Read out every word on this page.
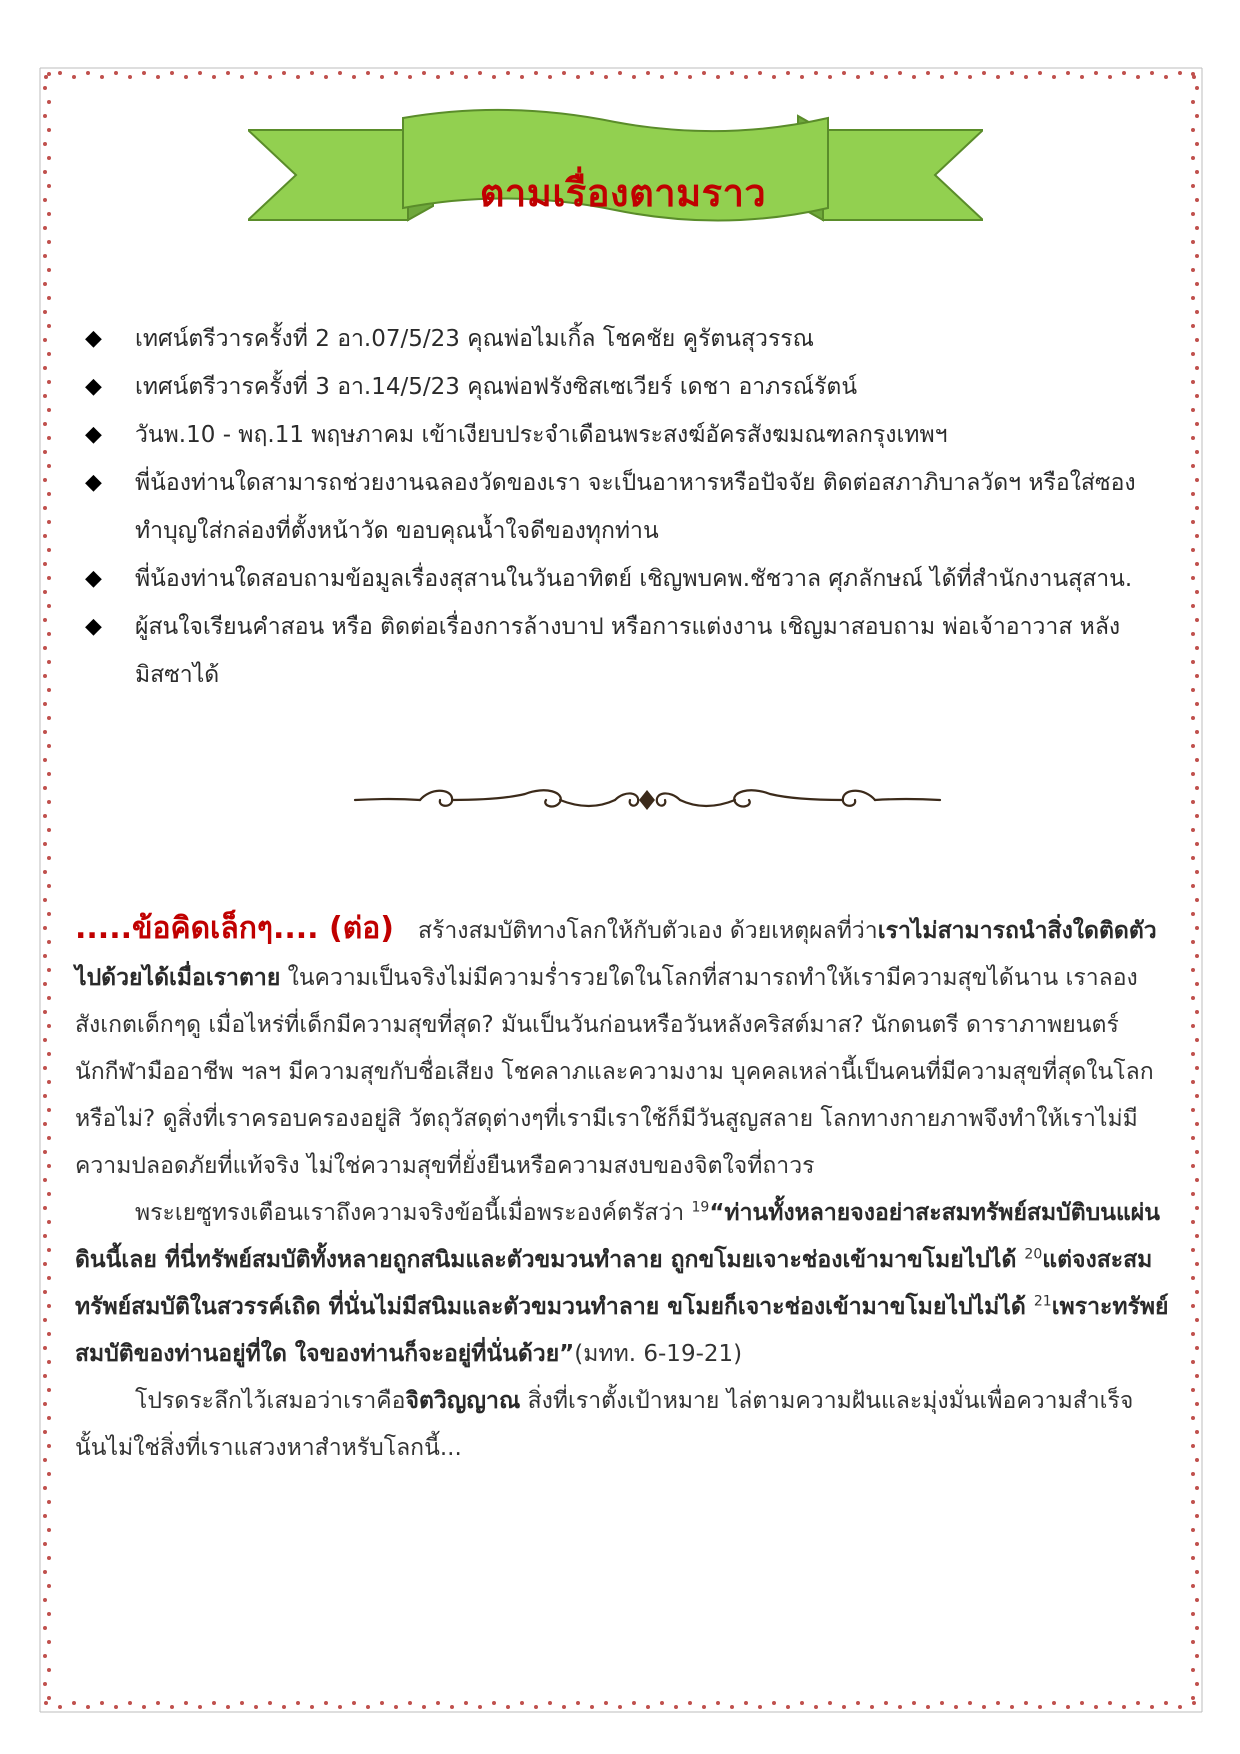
ตามเรื่องตามราว
◆ เทศน์ตรีวารครั้งที่ 2 อา.07/5/23 คุณพ่อไมเกิ้ล โชคชัย คูรัตนสุวรรณ
◆ เทศน์ตรีวารครั้งที่ 3 อา.14/5/23 คุณพ่อฟรังซิสเซเวียร์ เดชา อาภรณ์รัตน์
◆ วันพ.10 - พฤ.11 พฤษภาคม เข้าเงียบประจำเดือนพระสงฆ์อัครสังฆมณฑลกรุงเทพฯ
◆ พี่น้องท่านใดสามารถช่วยงานฉลองวัดของเรา จะเป็นอาหารหรือปัจจัย ติดต่อสภาภิบาลวัดฯ หรือใส่ซองทำบุญใส่กล่องที่ตั้งหน้าวัด ขอบคุณน้ำใจดีของทุกท่าน
◆ พี่น้องท่านใดสอบถามข้อมูลเรื่องสุสานในวันอาทิตย์ เชิญพบคพ.ชัชวาล ศุภลักษณ์ ได้ที่สำนักงานสุสาน.
◆ ผู้สนใจเรียนคำสอน หรือ ติดต่อเรื่องการล้างบาป หรือการแต่งงาน เชิญมาสอบถาม พ่อเจ้าอาวาส หลังมิสซาได้

.....ข้อคิดเล็กๆ.... (ต่อ) สร้างสมบัติทางโลกให้กับตัวเอง ด้วยเหตุผลที่ว่าเราไม่สามารถนำสิ่งใดติดตัวไปด้วยได้เมื่อเราตาย ในความเป็นจริงไม่มีความร่ำรวยใดในโลกที่สามารถทำให้เรามีความสุขได้นาน เราลองสังเกตเด็กๆดู เมื่อไหร่ที่เด็กมีความสุขที่สุด? มันเป็นวันก่อนหรือวันหลังคริสต์มาส? นักดนตรี ดาราภาพยนตร์ นักกีฬามืออาชีพ ฯลฯ มีความสุขกับชื่อเสียง โชคลาภและความงาม บุคคลเหล่านี้เป็นคนที่มีความสุขที่สุดในโลกหรือไม่? ดูสิ่งที่เราครอบครองอยู่สิ วัตถุวัสดุต่างๆที่เรามีเราใช้ก็มีวันสูญสลาย โลกทางกายภาพจึงทำให้เราไม่มีความปลอดภัยที่แท้จริง ไม่ใช่ความสุขที่ยั่งยืนหรือความสงบของจิตใจที่ถาวร

พระเยซูทรงเตือนเราถึงความจริงข้อนี้เมื่อพระองค์ตรัสว่า $^{19}$“ท่านทั้งหลายจงอย่าสะสมทรัพย์สมบัติบนแผ่นดินนี้เลย ที่นี่ทรัพย์สมบัติทั้งหลายถูกสนิมและตัวขมวนทำลาย ถูกขโมยเจาะช่องเข้ามาขโมยไปได้ $^{20}$แต่จงสะสมทรัพย์สมบัติในสวรรค์เถิด ที่นั่นไม่มีสนิมและตัวขมวนทำลาย ขโมยก็เจาะช่องเข้ามาขโมยไปไม่ได้ $^{21}$เพราะทรัพย์สมบัติของท่านอยู่ที่ใด ใจของท่านก็จะอยู่ที่นั่นด้วย”(มทท. 6-19-21)

โปรดระลึกไว้เสมอว่าเราคือจิตวิญญาณ สิ่งที่เราตั้งเป้าหมาย ไล่ตามความฝันและมุ่งมั่นเพื่อความสำเร็จ นั้นไม่ใช่สิ่งที่เราแสวงหาสำหรับโลกนี้...
